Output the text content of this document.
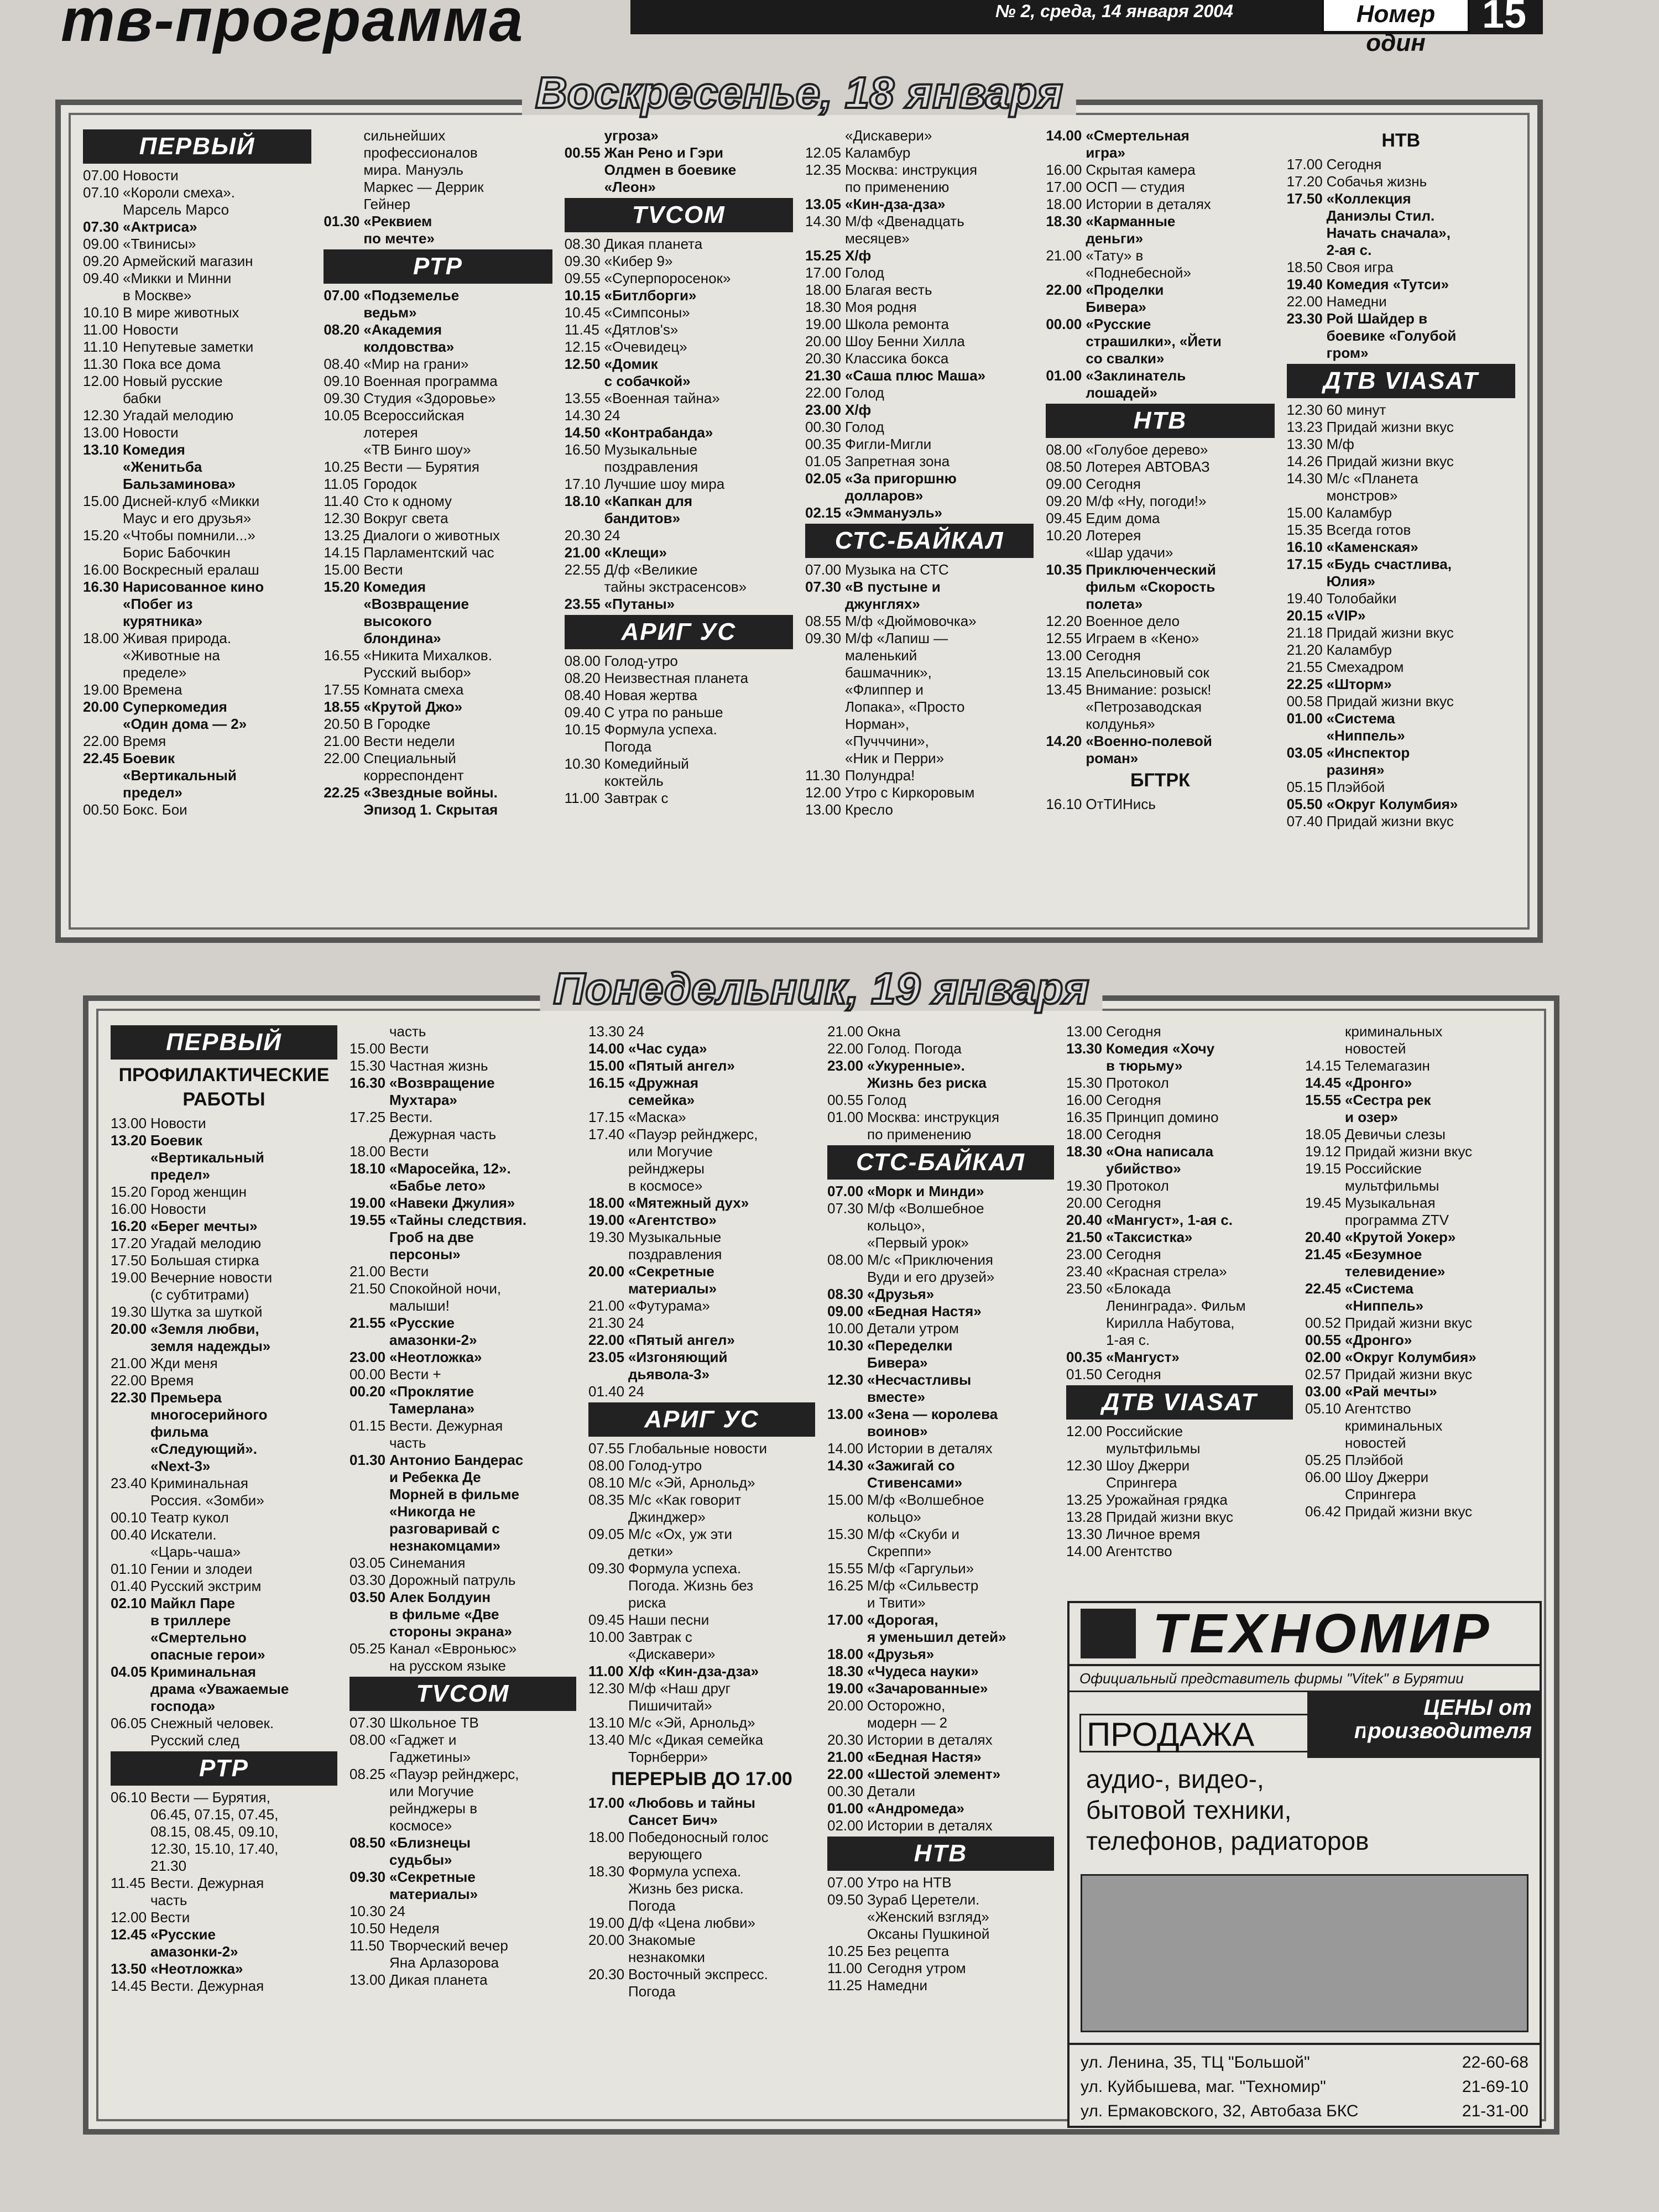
тв-программа	№ 2, среда, 14 января 2004	Номер один
15
Воскресенье, 18 января
ПЕРВЫЙ
07.00 Новости
07.10 «Короли смеха».
Марсель Марсо
07.30 «Актриса»
09.00 «Твинисы»
09.20 Армейский магазин
09.40 «Микки и Минни
в Москве»
10.10 В мире животных
11.00 Новости
11.10 Непутевые заметки
11.30 Пока все дома
12.00 Новый русские
бабки
12.30 Угадай мелодию
13.00 Новости
13.10 Комедия
«Женитьба
Бальзаминова»
15.00 Дисней-клуб «Микки
Маус и его друзья»
15.20 «Чтобы помнили...»
Борис Бабочкин
16.00 Воскресный ералаш
16.30 Нарисованное кино
«Побег из
курятника»
18.00 Живая природа.
«Животные на
пределе»
19.00 Времена
20.00 Суперкомедия
«Один дома — 2»
22.00 Время
22.45 Боевик
«Вертикальный
предел»
00.50 Бокс. Бои
сильнейших
профессионалов
мира. Мануэль
Маркес — Деррик
Гейнер
01.30 «Реквием
по мечте»
РТР
07.00 «Подземелье
ведьм»
08.20 «Академия
колдовства»
08.40 «Мир на грани»
09.10 Военная программа
09.30 Студия «Здоровье»
10.05 Всероссийская
лотерея
«ТВ Бинго шоу»
10.25 Вести — Бурятия
11.05 Городок
11.40 Сто к одному
12.30 Вокруг света
13.25 Диалоги о животных
14.15 Парламентский час
15.00 Вести
15.20 Комедия
«Возвращение
высокого
блондина»
16.55 «Никита Михалков.
Русский выбор»
17.55 Комната смеха
18.55 «Крутой Джо»
20.50 В Городке
21.00 Вести недели
22.00 Специальный
корреспондент
22.25 «Звездные войны.
Эпизод 1. Скрытая
угроза»
00.55 Жан Рено и Гэри
Олдмен в боевике
«Леон»
TVCOM
08.30 Дикая планета
09.30 «Кибер 9»
09.55 «Суперпоросенок»
10.15 «Битлборги»
10.45 «Симпсоны»
11.45 «Дятлов's»
12.15 «Очевидец»
12.50 «Домик
с собачкой»
13.55 «Военная тайна»
14.30 24
14.50 «Контрабанда»
16.50 Музыкальные
поздравления
17.10 Лучшие шоу мира
18.10 «Капкан для
бандитов»
20.30 24
21.00 «Клещи»
22.55 Д/ф «Великие
тайны экстрасенсов»
23.55 «Путаны»
АРИГ УС
08.00 Голод-утро
08.20 Неизвестная планета
08.40 Новая жертва
09.40 С утра по раньше
10.15 Формула успеха.
Погода
10.30 Комедийный
коктейль
11.00 Завтрак с
«Дискавери»
12.05 Каламбур
12.35 Москва: инструкция
по применению
13.05 «Кин-дза-дза»
14.30 М/ф «Двенадцать
месяцев»
15.25 Х/ф
17.00 Голод
18.00 Благая весть
18.30 Моя родня
19.00 Школа ремонта
20.00 Шоу Бенни Хилла
20.30 Классика бокса
21.30 «Саша плюс Маша»
22.00 Голод
23.00 Х/ф
00.30 Голод
00.35 Фигли-Мигли
01.05 Запретная зона
02.05 «За пригоршню
долларов»
02.15 «Эммануэль»
СТС-БАЙКАЛ
07.00 Музыка на СТС
07.30 «В пустыне и
джунглях»
08.55 М/ф «Дюймовочка»
09.30 М/ф «Лапиш —
маленький
башмачник»,
«Флиппер и
Лопака», «Просто
Норман»,
«Пучччини»,
«Ник и Перри»
11.30 Полундра!
12.00 Утро с Киркоровым
13.00 Кресло
14.00 «Смертельная
игра»
16.00 Скрытая камера
17.00 ОСП — студия
18.00 Истории в деталях
18.30 «Карманные
деньги»
21.00 «Тату» в
«Поднебесной»
22.00 «Проделки
Бивера»
00.00 «Русские
страшилки», «Йети
со свалки»
01.00 «Заклинатель
лошадей»
НТВ
08.00 «Голубое дерево»
08.50 Лотерея АВТОВАЗ
09.00 Сегодня
09.20 М/ф «Ну, погоди!»
09.45 Едим дома
10.20 Лотерея
«Шар удачи»
10.35 Приключенческий
фильм «Скорость
полета»
12.20 Военное дело
12.55 Играем в «Кено»
13.00 Сегодня
13.15 Апельсиновый сок
13.45 Внимание: розыск!
«Петрозаводская
колдунья»
14.20 «Военно-полевой
роман»
БГТРК
16.10 ОтТИНись
НТВ
17.00 Сегодня
17.20 Собачья жизнь
17.50 «Коллекция
Даниэлы Стил.
Начать сначала»,
2-ая с.
18.50 Своя игра
19.40 Комедия «Тутси»
22.00 Намедни
23.30 Рой Шайдер в
боевике «Голубой
гром»
ДТВ VIASAT
12.30 60 минут
13.23 Придай жизни вкус
13.30 М/ф
14.26 Придай жизни вкус
14.30 М/с «Планета
монстров»
15.00 Каламбур
15.35 Всегда готов
16.10 «Каменская»
17.15 «Будь счастлива,
Юлия»
19.40 Толобайки
20.15 «VIP»
21.18 Придай жизни вкус
21.20 Каламбур
21.55 Смехадром
22.25 «Шторм»
00.58 Придай жизни вкус
01.00 «Система
«Ниппель»
03.05 «Инспектор
разиня»
05.15 Плэйбой
05.50 «Округ Колумбия»
07.40 Придай жизни вкус
Понедельник, 19 января
ПЕРВЫЙ
ПРОФИЛАКТИЧЕСКИЕ
РАБОТЫ
13.00 Новости
13.20 Боевик
«Вертикальный
предел»
15.20 Город женщин
16.00 Новости
16.20 «Берег мечты»
17.20 Угадай мелодию
17.50 Большая стирка
19.00 Вечерние новости
(с субтитрами)
19.30 Шутка за шуткой
20.00 «Земля любви,
земля надежды»
21.00 Жди меня
22.00 Время
22.30 Премьера
многосерийного
фильма
«Следующий».
«Next-3»
23.40 Криминальная
Россия. «Зомби»
00.10 Театр кукол
00.40 Искатели.
«Царь-чаша»
01.10 Гении и злодеи
01.40 Русский экстрим
02.10 Майкл Паре
в триллере
«Смертельно
опасные герои»
04.05 Криминальная
драма «Уважаемые
господа»
06.05 Снежный человек.
Русский след
РТР
06.10 Вести — Бурятия,
06.45, 07.15, 07.45,
08.15, 08.45, 09.10,
12.30, 15.10, 17.40,
21.30
11.45 Вести. Дежурная
часть
12.00 Вести
12.45 «Русские
амазонки-2»
13.50 «Неотложка»
14.45 Вести. Дежурная
часть
15.00 Вести
15.30 Частная жизнь
16.30 «Возвращение
Мухтара»
17.25 Вести.
Дежурная часть
18.00 Вести
18.10 «Маросейка, 12».
«Бабье лето»
19.00 «Навеки Джулия»
19.55 «Тайны следствия.
Гроб на две
персоны»
21.00 Вести
21.50 Спокойной ночи,
малыши!
21.55 «Русские
амазонки-2»
23.00 «Неотложка»
00.00 Вести +
00.20 «Проклятие
Тамерлана»
01.15 Вести. Дежурная
часть
01.30 Антонио Бандерас
и Ребекка Де
Морней в фильме
«Никогда не
разговаривай с
незнакомцами»
03.05 Синемания
03.30 Дорожный патруль
03.50 Алек Болдуин
в фильме «Две
стороны экрана»
05.25 Канал «Евроньюс»
на русском языке
TVCOM
07.30 Школьное ТВ
08.00 «Гаджет и
Гаджетины»
08.25 «Пауэр рейнджерс,
или Могучие
рейнджеры в
космосе»
08.50 «Близнецы
судьбы»
09.30 «Секретные
материалы»
10.30 24
10.50 Неделя
11.50 Творческий вечер
Яна Арлазорова
13.00 Дикая планета
13.30 24
14.00 «Час суда»
15.00 «Пятый ангел»
16.15 «Дружная
семейка»
17.15 «Маска»
17.40 «Пауэр рейнджерс,
или Могучие
рейнджеры
в космосе»
18.00 «Мятежный дух»
19.00 «Агентство»
19.30 Музыкальные
поздравления
20.00 «Секретные
материалы»
21.00 «Футурама»
21.30 24
22.00 «Пятый ангел»
23.05 «Изгоняющий
дьявола-3»
01.40 24
АРИГ УС
07.55 Глобальные новости
08.00 Голод-утро
08.10 М/с «Эй, Арнольд»
08.35 М/с «Как говорит
Джинджер»
09.05 М/с «Ох, уж эти
детки»
09.30 Формула успеха.
Погода. Жизнь без
риска
09.45 Наши песни
10.00 Завтрак с
«Дискавери»
11.00 Х/ф «Кин-дза-дза»
12.30 М/ф «Наш друг
Пишичитай»
13.10 М/с «Эй, Арнольд»
13.40 М/с «Дикая семейка
Торнберри»
ПЕРЕРЫВ ДО 17.00
17.00 «Любовь и тайны
Сансет Бич»
18.00 Победоносный голос
верующего
18.30 Формула успеха.
Жизнь без риска.
Погода
19.00 Д/ф «Цена любви»
20.00 Знакомые
незнакомки
20.30 Восточный экспресс.
Погода
21.00 Окна
22.00 Голод. Погода
23.00 «Укуренные».
Жизнь без риска
00.55 Голод
01.00 Москва: инструкция
по применению
СТС-БАЙКАЛ
07.00 «Морк и Минди»
07.30 М/ф «Волшебное
кольцо»,
«Первый урок»
08.00 М/с «Приключения
Вуди и его друзей»
08.30 «Друзья»
09.00 «Бедная Настя»
10.00 Детали утром
10.30 «Переделки
Бивера»
12.30 «Несчастливы
вместе»
13.00 «Зена — королева
воинов»
14.00 Истории в деталях
14.30 «Зажигай со
Стивенсами»
15.00 М/ф «Волшебное
кольцо»
15.30 М/ф «Скуби и
Скреппи»
15.55 М/ф «Гаргульи»
16.25 М/ф «Сильвестр
и Твити»
17.00 «Дорогая,
я уменьшил детей»
18.00 «Друзья»
18.30 «Чудеса науки»
19.00 «Зачарованные»
20.00 Осторожно,
модерн — 2
20.30 Истории в деталях
21.00 «Бедная Настя»
22.00 «Шестой элемент»
00.30 Детали
01.00 «Андромеда»
02.00 Истории в деталях
НТВ
07.00 Утро на НТВ
09.50 Зураб Церетели.
«Женский взгляд»
Оксаны Пушкиной
10.25 Без рецепта
11.00 Сегодня утром
11.25 Намедни
13.00 Сегодня
13.30 Комедия «Хочу
в тюрьму»
15.30 Протокол
16.00 Сегодня
16.35 Принцип домино
18.00 Сегодня
18.30 «Она написала
убийство»
19.30 Протокол
20.00 Сегодня
20.40 «Мангуст», 1-ая с.
21.50 «Таксистка»
23.00 Сегодня
23.40 «Красная стрела»
23.50 «Блокада
Ленинграда». Фильм
Кирилла Набутова,
1-ая с.
00.35 «Мангуст»
01.50 Сегодня
ДТВ VIASAT
12.00 Российские
мультфильмы
12.30 Шоу Джерри
Спрингера
13.25 Урожайная грядка
13.28 Придай жизни вкус
13.30 Личное время
14.00 Агентство
криминальных
новостей
14.15 Телемагазин
14.45 «Дронго»
15.55 «Сестра рек
и озер»
18.05 Девичьи слезы
19.12 Придай жизни вкус
19.15 Российские
мультфильмы
19.45 Музыкальная
программа ZTV
20.40 «Крутой Уокер»
21.45 «Безумное
телевидение»
22.45 «Система
«Ниппель»
00.52 Придай жизни вкус
00.55 «Дронго»
02.00 «Округ Колумбия»
02.57 Придай жизни вкус
03.00 «Рай мечты»
05.10 Агентство
криминальных
новостей
05.25 Плэйбой
06.00 Шоу Джерри
Спрингера
06.42 Придай жизни вкус
ТЕХНОМИР
Официальный представитель фирмы "Vitek" в Бурятии
ЦЕНЫ от производителя
ПРОДАЖА
аудио-, видео-,
бытовой техники,
телефонов, радиаторов
ул. Ленина, 35, ТЦ "Большой"	22-60-68
ул. Куйбышева, маг. "Техномир"	21-69-10
ул. Ермаковского, 32, Автобаза БКС	21-31-00
